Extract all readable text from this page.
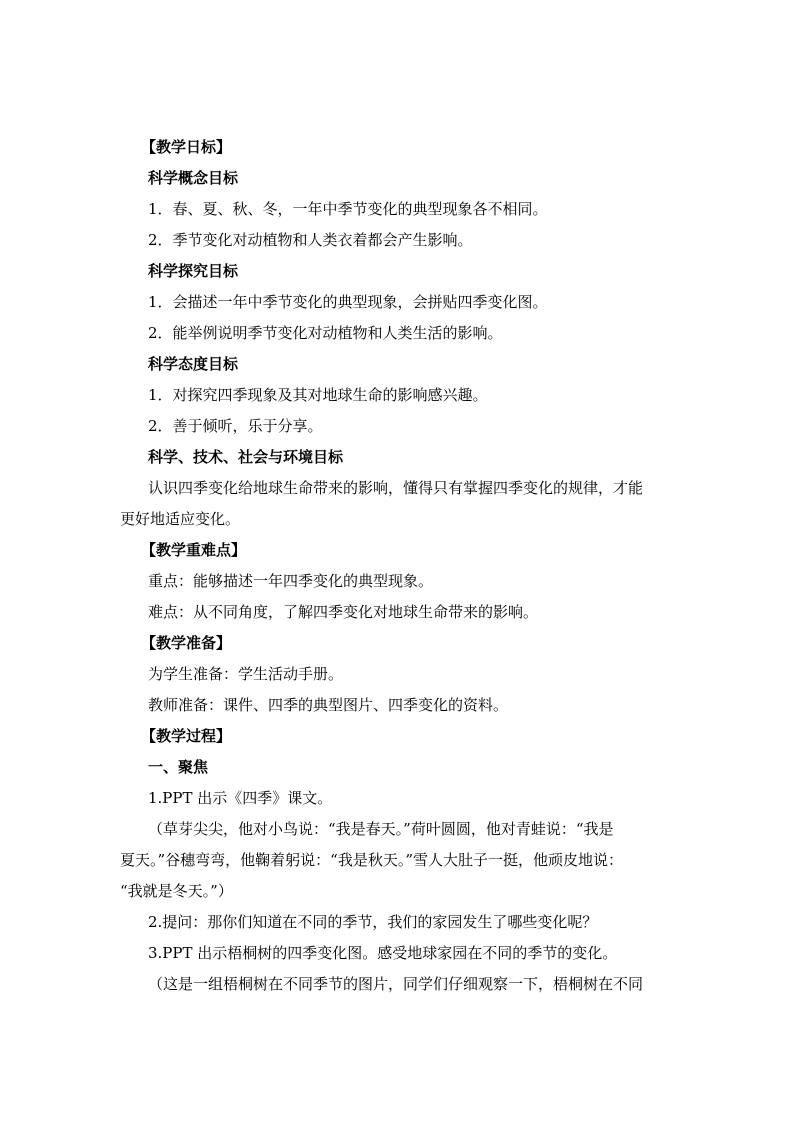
【教学日标】
科学概念目标
1．春、夏、秋、冬，一年中季节变化的典型现象各不相同。
2．季节变化对动植物和人类衣着都会产生影响。
科学探究目标
1．会描述一年中季节变化的典型现象，会拼贴四季变化图。
2．能举例说明季节变化对动植物和人类生活的影响。
科学态度目标
1．对探究四季现象及其对地球生命的影响感兴趣。
2．善于倾听，乐于分享。
科学、技术、社会与环境目标
认识四季变化给地球生命带来的影响，懂得只有掌握四季变化的规律，才能
更好地适应变化。
【教学重难点】
重点：能够描述一年四季变化的典型现象。
难点：从不同角度，了解四季变化对地球生命带来的影响。
【教学准备】
为学生准备：学生活动手册。
教师准备：课件、四季的典型图片、四季变化的资料。
【教学过程】
一、聚焦
1.PPT 出示《四季》课文。
（草芽尖尖，他对小鸟说：“我是春天。”荷叶圆圆，他对青蛙说：“我是
夏天。”谷穗弯弯，他鞠着躬说：“我是秋天。”雪人大肚子一挺，他顽皮地说：
“我就是冬天。”）
2.提问：那你们知道在不同的季节，我们的家园发生了哪些变化呢？
3.PPT 出示梧桐树的四季变化图。感受地球家园在不同的季节的变化。
（这是一组梧桐树在不同季节的图片，同学们仔细观察一下，梧桐树在不同
